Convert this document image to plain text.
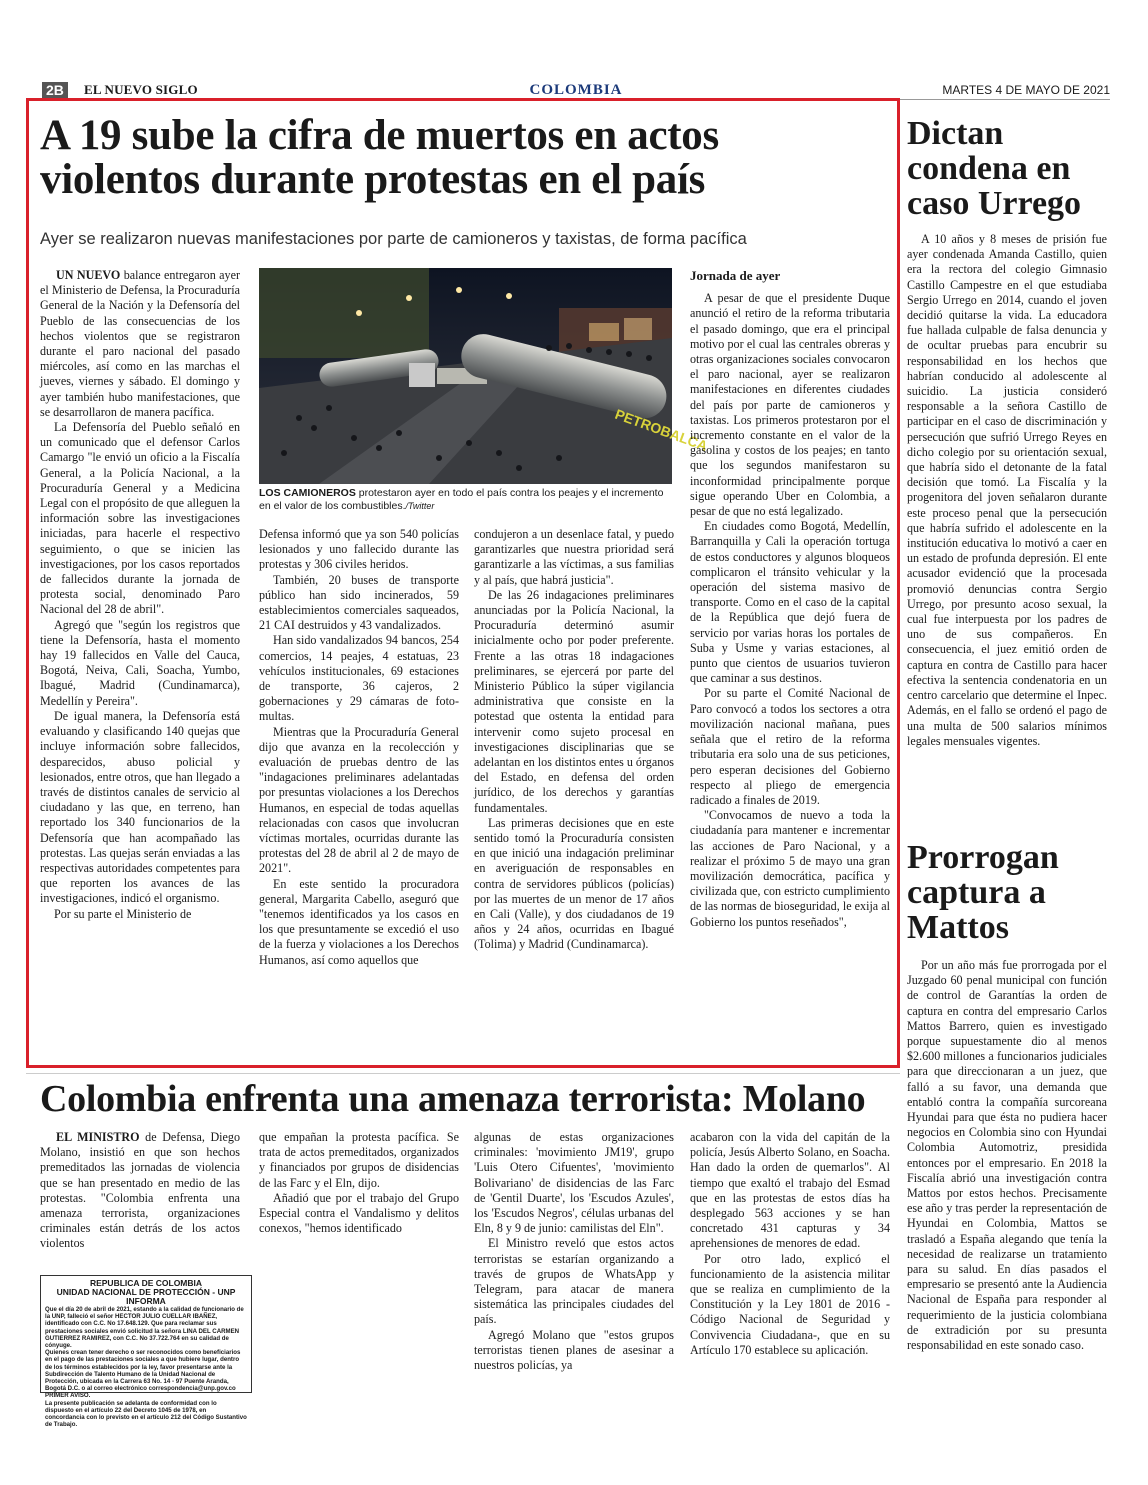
2B	EL NUEVO SIGLO	COLOMBIA	MARTES 4 DE MAYO DE 2021
A 19 sube la cifra de muertos en actos violentos durante protestas en el país

Ayer se realizaron nuevas manifestaciones por parte de camioneros y taxistas, de forma pacífica

UN NUEVO balance entregaron ayer el Ministerio de Defensa, la Procuraduría General de la Nación y la Defensoría del Pueblo de las consecuencias de los hechos violentos que se registraron durante el paro nacional del pasado miércoles, así como en las marchas el jueves, viernes y sábado. El domingo y ayer también hubo manifestaciones, que se desarrollaron de manera pacífica.

La Defensoría del Pueblo señaló en un comunicado que el defensor Carlos Camargo "le envió un oficio a la Fiscalía General, a la Policía Nacional, a la Procuraduría General y a Medicina Legal con el propósito de que alleguen la información sobre las investigaciones iniciadas, para hacerle el respectivo seguimiento, o que se inicien las investigaciones, por los casos reportados de fallecidos durante la jornada de protesta social, denominado Paro Nacional del 28 de abril".

Agregó que "según los registros que tiene la Defensoría, hasta el momento hay 19 fallecidos en Valle del Cauca, Bogotá, Neiva, Cali, Soacha, Yumbo, Ibagué, Madrid (Cundinamarca), Medellín y Pereira".

De igual manera, la Defensoría está evaluando y clasificando 140 quejas que incluye información sobre fallecidos, desparecidos, abuso policial y lesionados, entre otros, que han llegado a través de distintos canales de servicio al ciudadano y las que, en terreno, han reportado los 340 funcionarios de la Defensoría que han acompañado las protestas. Las quejas serán enviadas a las respectivas autoridades competentes para que reporten los avances de las investigaciones, indicó el organismo.

Por su parte el Ministerio de

PETROBALCA
LOS CAMIONEROS protestaron ayer en todo el país contra los peajes y el incremento en el valor de los combustibles./Twitter

Defensa informó que ya son 540 policías lesionados y uno fallecido durante las protestas y 306 civiles heridos.

También, 20 buses de transporte público han sido incinerados, 59 establecimientos comerciales saqueados, 21 CAI destruidos y 43 vandalizados.

Han sido vandalizados 94 bancos, 254 comercios, 14 peajes, 4 estatuas, 23 vehículos institucionales, 69 estaciones de transporte, 36 cajeros, 2 gobernaciones y 29 cámaras de foto-multas.

Mientras que la Procuraduría General dijo que avanza en la recolección y evaluación de pruebas dentro de las "indagaciones preliminares adelantadas por presuntas violaciones a los Derechos Humanos, en especial de todas aquellas relacionadas con casos que involucran víctimas mortales, ocurridas durante las protestas del 28 de abril al 2 de mayo de 2021".

En este sentido la procuradora general, Margarita Cabello, aseguró que "tenemos identificados ya los casos en los que presuntamente se excedió el uso de la fuerza y violaciones a los Derechos Humanos, así como aquellos que

condujeron a un desenlace fatal, y puedo garantizarles que nuestra prioridad será garantizarle a las víctimas, a sus familias y al país, que habrá justicia".

De las 26 indagaciones preliminares anunciadas por la Policía Nacional, la Procuraduría determinó asumir inicialmente ocho por poder preferente. Frente a las otras 18 indagaciones preliminares, se ejercerá por parte del Ministerio Público la súper vigilancia administrativa que consiste en la potestad que ostenta la entidad para intervenir como sujeto procesal en investigaciones disciplinarias que se adelantan en los distintos entes u órganos del Estado, en defensa del orden jurídico, de los derechos y garantías fundamentales.

Las primeras decisiones que en este sentido tomó la Procuraduría consisten en que inició una indagación preliminar en averiguación de responsables en contra de servidores públicos (policías) por las muertes de un menor de 17 años en Cali (Valle), y dos ciudadanos de 19 años y 24 años, ocurridas en Ibagué (Tolima) y Madrid (Cundinamarca).

Jornada de ayer

A pesar de que el presidente Duque anunció el retiro de la reforma tributaria el pasado domingo, que era el principal motivo por el cual las centrales obreras y otras organizaciones sociales convocaron el paro nacional, ayer se realizaron manifestaciones en diferentes ciudades del país por parte de camioneros y taxistas. Los primeros protestaron por el incremento constante en el valor de la gasolina y costos de los peajes; en tanto que los segundos manifestaron su inconformidad principalmente porque sigue operando Uber en Colombia, a pesar de que no está legalizado.

En ciudades como Bogotá, Medellín, Barranquilla y Cali la operación tortuga de estos conductores y algunos bloqueos complicaron el tránsito vehicular y la operación del sistema masivo de transporte. Como en el caso de la capital de la República que dejó fuera de servicio por varias horas los portales de Suba y Usme y varias estaciones, al punto que cientos de usuarios tuvieron que caminar a sus destinos.

Por su parte el Comité Nacional de Paro convocó a todos los sectores a otra movilización nacional mañana, pues señala que el retiro de la reforma tributaria era solo una de sus peticiones, pero esperan decisiones del Gobierno respecto al pliego de emergencia radicado a finales de 2019.

"Convocamos de nuevo a toda la ciudadanía para mantener e incrementar las acciones de Paro Nacional, y a realizar el próximo 5 de mayo una gran movilización democrática, pacífica y civilizada que, con estricto cumplimiento de las normas de bioseguridad, le exija al Gobierno los puntos reseñados",

Dictan
condena en
caso Urrego

A 10 años y 8 meses de prisión fue ayer condenada Amanda Castillo, quien era la rectora del colegio Gimnasio Castillo Campestre en el que estudiaba Sergio Urrego en 2014, cuando el joven decidió quitarse la vida. La educadora fue hallada culpable de falsa denuncia y de ocultar pruebas para encubrir su responsabilidad en los hechos que habrían conducido al adolescente al suicidio. La justicia consideró responsable a la señora Castillo de participar en el caso de discriminación y persecución que sufrió Urrego Reyes en dicho colegio por su orientación sexual, que habría sido el detonante de la fatal decisión que tomó. La Fiscalía y la progenitora del joven señalaron durante este proceso penal que la persecución que habría sufrido el adolescente en la institución educativa lo motivó a caer en un estado de profunda depresión. El ente acusador evidenció que la procesada promovió denuncias contra Sergio Urrego, por presunto acoso sexual, la cual fue interpuesta por los padres de uno de sus compañeros. En consecuencia, el juez emitió orden de captura en contra de Castillo para hacer efectiva la sentencia condenatoria en un centro carcelario que determine el Inpec. Además, en el fallo se ordenó el pago de una multa de 500 salarios mínimos legales mensuales vigentes.

Prorrogan
captura a
Mattos

Por un año más fue prorrogada por el Juzgado 60 penal municipal con función de control de Garantías la orden de captura en contra del empresario Carlos Mattos Barrero, quien es investigado porque supuestamente dio al menos $2.600 millones a funcionarios judiciales para que direccionaran a un juez, que falló a su favor, una demanda que entabló contra la compañía surcoreana Hyundai para que ésta no pudiera hacer negocios en Colombia sino con Hyundai Colombia Automotriz, presidida entonces por el empresario. En 2018 la Fiscalía abrió una investigación contra Mattos por estos hechos. Precisamente ese año y tras perder la representación de Hyundai en Colombia, Mattos se trasladó a España alegando que tenía la necesidad de realizarse un tratamiento para su salud. En días pasados el empresario se presentó ante la Audiencia Nacional de España para responder al requerimiento de la justicia colombiana de extradición por su presunta responsabilidad en este sonado caso.

Colombia enfrenta una amenaza terrorista: Molano

EL MINISTRO de Defensa, Diego Molano, insistió en que son hechos premeditados las jornadas de violencia que se han presentado en medio de las protestas. "Colombia enfrenta una amenaza terrorista, organizaciones criminales están detrás de los actos violentos

REPUBLICA DE COLOMBIA

UNIDAD NACIONAL DE PROTECCIÓN - UNP

INFORMA

Que el día 20 de abril de 2021, estando a la calidad de funcionario de la UNP, falleció el señor HECTOR JULIO CUELLAR IBAÑEZ, identificado con C.C. No 17.648.129. Que para reclamar sus prestaciones sociales envió solicitud la señora LINA DEL CARMEN GUTIERREZ RAMIREZ, con C.C. No 37.722.764 en su calidad de cónyuge.

Quienes crean tener derecho o ser reconocidos como beneficiarios en el pago de las prestaciones sociales a que hubiere lugar, dentro de los términos establecidos por la ley, favor presentarse ante la Subdirección de Talento Humano de la Unidad Nacional de Protección, ubicada en la Carrera 63 No. 14 - 97 Puente Aranda, Bogotá D.C. o al correo electrónico correspondencia@unp.gov.co PRIMER AVISO.

La presente publicación se adelanta de conformidad con lo dispuesto en el artículo 22 del Decreto 1045 de 1978, en concordancia con lo previsto en el artículo 212 del Código Sustantivo de Trabajo.

que empañan la protesta pacífica. Se trata de actos premeditados, organizados y financiados por grupos de disidencias de las Farc y el Eln, dijo.

Añadió que por el trabajo del Grupo Especial contra el Vandalismo y delitos conexos, "hemos identificado

algunas de estas organizaciones criminales: 'movimiento JM19', grupo 'Luis Otero Cifuentes', 'movimiento Bolivariano' de disidencias de las Farc de 'Gentil Duarte', los 'Escudos Azules', los 'Escudos Negros', células urbanas del Eln, 8 y 9 de junio: camilistas del Eln".

El Ministro reveló que estos actos terroristas se estarían organizando a través de grupos de WhatsApp y Telegram, para atacar de manera sistemática las principales ciudades del país.

Agregó Molano que "estos grupos terroristas tienen planes de asesinar a nuestros policías, ya

acabaron con la vida del capitán de la policía, Jesús Alberto Solano, en Soacha. Han dado la orden de quemarlos". Al tiempo que exaltó el trabajo del Esmad que en las protestas de estos días ha desplegado 563 acciones y se han concretado 431 capturas y 34 aprehensiones de menores de edad.

Por otro lado, explicó el funcionamiento de la asistencia militar que se realiza en cumplimiento de la Constitución y la Ley 1801 de 2016 -Código Nacional de Seguridad y Convivencia Ciudadana-, que en su Artículo 170 establece su aplicación.
